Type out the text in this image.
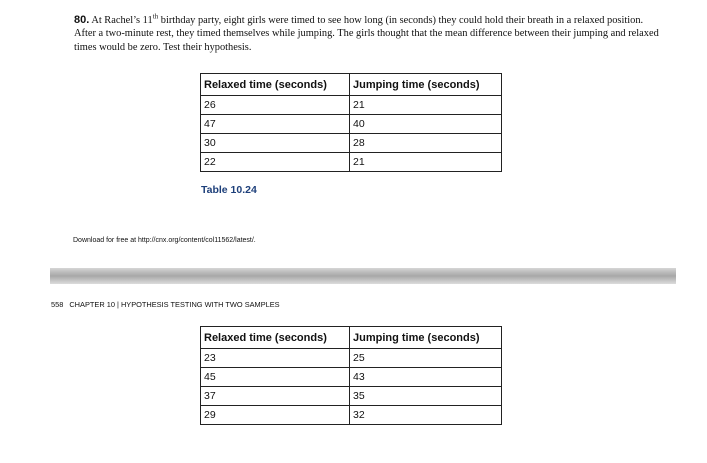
80. At Rachel’s 11th birthday party, eight girls were timed to see how long (in seconds) they could hold their breath in a relaxed position. After a two-minute rest, they timed themselves while jumping. The girls thought that the mean difference between their jumping and relaxed times would be zero. Test their hypothesis.
Relaxed time (seconds)	Jumping time (seconds)
26	21
47	40
30	28
22	21
Table 10.24
Download for free at http://cnx.org/content/col11562/latest/.
558 CHAPTER 10 | HYPOTHESIS TESTING WITH TWO SAMPLES
Relaxed time (seconds)	Jumping time (seconds)
23	25
45	43
37	35
29	32
